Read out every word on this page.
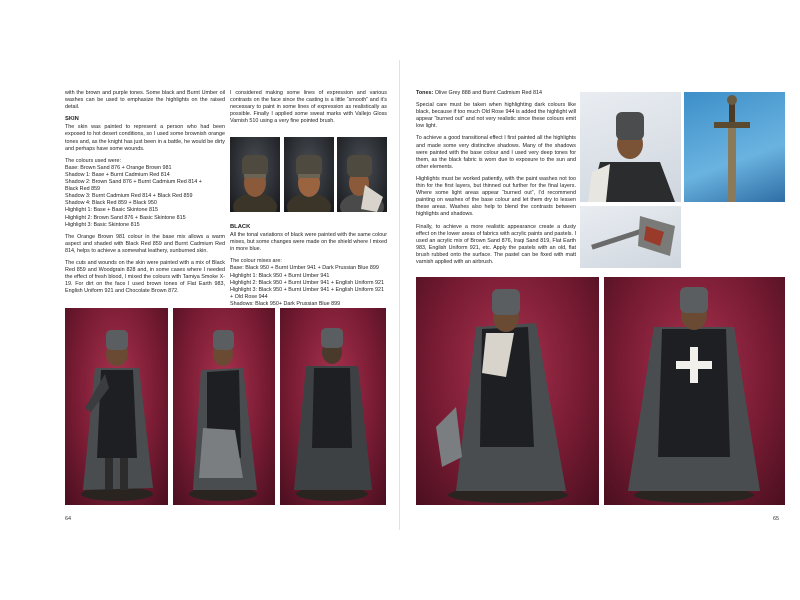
with the brown and purple tones. Some black and Burnt Umber oil washes can be used to emphasize the highlights on the raised detail.

SKIN

The skin was painted to represent a person who had been exposed to hot desert conditions, so I used some brownish orange tones and, as the knight has just been in a battle, he would be dirty and perhaps have some wounds.

The colours used were:
Base: Brown Sand 876 + Orange Brown 981
Shadow 1: Base + Burnt Cadmium Red 814
Shadow 2: Brown Sand 876 + Burnt Cadmium Red 814 +
Black Red 859
Shadow 3: Burnt Cadmium Red 814 + Black Red 859
Shadow 4: Black Red 859 + Black 950
Highlight 1: Base + Basic Skintone 815
Highlight 2: Brown Sand 876 + Basic Skintone 815
Highlight 3: Basic Skintone 815

The Orange Brown 981 colour in the base mix allows a warm aspect and shaded with Black Red 859 and Burnt Cadmium Red 814, helps to achieve a somewhat leathery, sunburned skin.

The cuts and wounds on the skin were painted with a mix of Black Red 859 and Woodgrain 828 and, in some cases where I needed the effect of fresh blood, I mixed the colours with Tamiya Smoke X-19. For dirt on the face I used brown tones of Flat Earth 983, English Uniform 921 and Chocolate Brown 872.

I considered making some lines of expression and various contrasts on the face since the casting is a little “smooth” and it’s necessary to paint in some lines of expression as realistically as possible. Finally I applied some sweat marks with Vallejo Gloss Varnish 510 using a very fine pointed brush.

BLACK

All the tonal variations of black were painted with the same colour mixes, but some changes were made on the shield where I mixed in more blue.

The colour mixes are:
Base: Black 950 + Burnt Umber 941 + Dark Prussian Blue 899
Highlight 1: Black 950 + Burnt Umber 941
Highlight 2: Black 950 + Burnt Umber 941 + English Uniform 921
Highlight 3: Black 950 + Burnt Umber 941 + English Uniform 921
+ Old Rose 944
Shadows: Black 950+ Dark Prussian Blue 899
64

Tones: Olive Grey 888 and Burnt Cadmium Red 814

Special care must be taken when highlighting dark colours like black, because if too much Old Rose 944 is added the highlight will appear “burned out” and not very realistic since these colours emit low light.

To achieve a good transitional effect I first painted all the highlights and made some very distinctive shadows. Many of the shadows were painted with the base colour and I used very deep tones for them, as the black fabric is worn due to exposure to the sun and other elements.

Highlights must be worked patiently, with the paint washes not too thin for the first layers, but thinned out further for the final layers. Where some light areas appear “burned out”, I’d recommend painting on washes of the base colour and let them dry to lessen these areas. Washes also help to blend the contrasts between highlights and shadows.

Finally, to achieve a more realistic appearance create a dusty effect on the lower areas of fabrics with acrylic paints and pastels. I used an acrylic mix of Brown Sand 876, Iraqi Sand 819, Flat Earth 983, English Uniform 921, etc. Apply the pastels with an old, flat brush rubbed onto the surface. The pastel can be fixed with matt varnish applied with an airbrush.

65
